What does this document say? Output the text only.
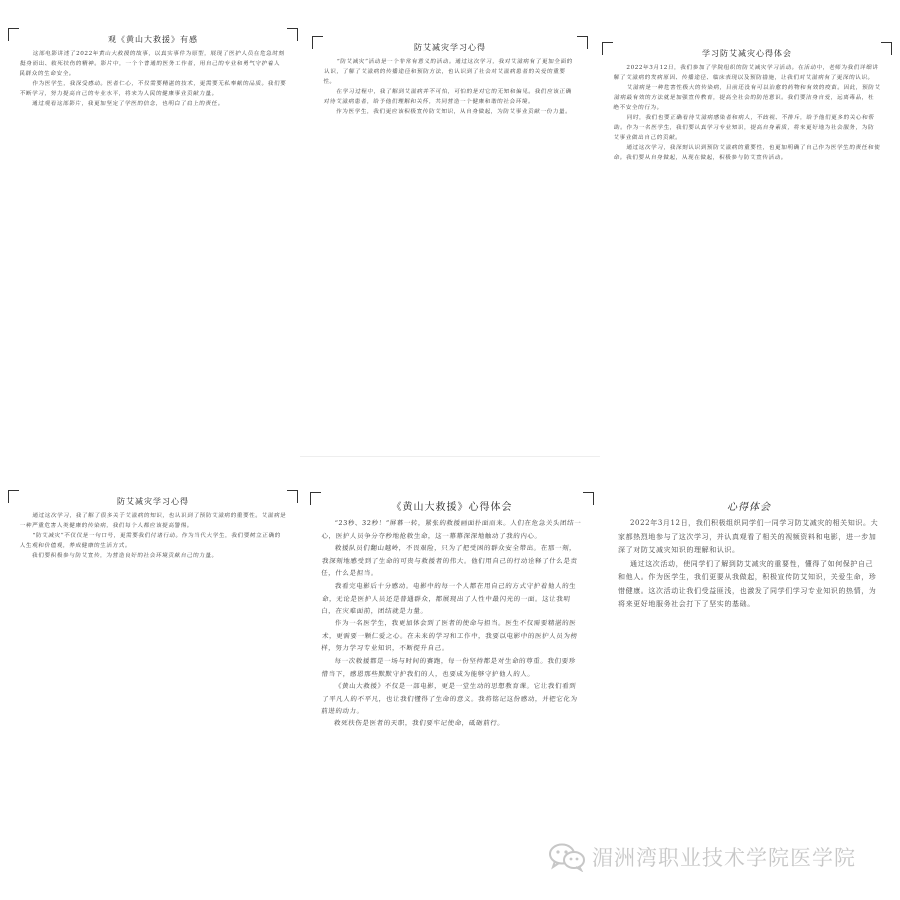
观《黄山大救援》有感

这部电影讲述了2022年黄山大救援的故事，以真实事件为原型，展现了医护人员在危急时刻挺身而出、救死扶伤的精神。影片中，一个个普通的医务工作者，用自己的专业和勇气守护着人民群众的生命安全。

作为医学生，我深受感动。医者仁心，不仅需要精湛的技术，更需要无私奉献的品质。我们要不断学习，努力提高自己的专业水平，将来为人民的健康事业贡献力量。

通过观看这部影片，我更加坚定了学医的信念，也明白了肩上的责任。

防艾减灾学习心得

“防艾减灾”活动是一个非常有意义的活动。通过这次学习，我对艾滋病有了更加全面的认识，了解了艾滋病的传播途径和预防方法，也认识到了社会对艾滋病患者的关爱的重要性。

在学习过程中，我了解到艾滋病并不可怕，可怕的是对它的无知和偏见。我们应该正确对待艾滋病患者，给予他们理解和关怀，共同营造一个健康和谐的社会环境。

作为医学生，我们更应该积极宣传防艾知识，从自身做起，为防艾事业贡献一份力量。

学习防艾减灾心得体会

2022年3月12日，我们参加了学院组织的防艾减灾学习活动。在活动中，老师为我们详细讲解了艾滋病的发病原因、传播途径、临床表现以及预防措施，让我们对艾滋病有了更深的认识。

艾滋病是一种危害性极大的传染病，目前还没有可以治愈的药物和有效的疫苗。因此，预防艾滋病最有效的方法就是加强宣传教育，提高全社会的防范意识。我们要洁身自爱，远离毒品，杜绝不安全的行为。

同时，我们也要正确看待艾滋病感染者和病人，不歧视、不排斥，给予他们更多的关心和帮助。作为一名医学生，我们要认真学习专业知识，提高自身素质，将来更好地为社会服务，为防艾事业做出自己的贡献。

通过这次学习，我深刻认识到预防艾滋病的重要性，也更加明确了自己作为医学生的责任和使命。我们要从自身做起，从现在做起，积极参与防艾宣传活动。

防艾减灾学习心得

通过这次学习，我了解了很多关于艾滋病的知识，也认识到了预防艾滋病的重要性。艾滋病是一种严重危害人类健康的传染病，我们每个人都应该提高警惕。

“防艾减灾”不仅仅是一句口号，更需要我们付诸行动。作为当代大学生，我们要树立正确的人生观和价值观，养成健康的生活方式。

我们要积极参与防艾宣传，为营造良好的社会环境贡献自己的力量。

《黄山大救援》心得体会

“23秒、32秒！”屏幕一转，紧张的救援画面扑面而来。人们在危急关头团结一心，医护人员争分夺秒地抢救生命，这一幕幕深深地触动了我的内心。

救援队员们翻山越岭，不畏艰险，只为了把受困的群众安全带出。在那一刻，我深刻地感受到了生命的可贵与救援者的伟大。他们用自己的行动诠释了什么是责任，什么是担当。

我看完电影后十分感动。电影中的每一个人都在用自己的方式守护着他人的生命，无论是医护人员还是普通群众，都展现出了人性中最闪光的一面。这让我明白，在灾难面前，团结就是力量。

作为一名医学生，我更加体会到了医者的使命与担当。医生不仅需要精湛的医术，更需要一颗仁爱之心。在未来的学习和工作中，我要以电影中的医护人员为榜样，努力学习专业知识，不断提升自己。

每一次救援都是一场与时间的赛跑，每一份坚持都是对生命的尊重。我们要珍惜当下，感恩那些默默守护我们的人，也要成为能够守护他人的人。

《黄山大救援》不仅是一部电影，更是一堂生动的思想教育课。它让我们看到了平凡人的不平凡，也让我们懂得了生命的意义。我将铭记这份感动，并把它化为前进的动力。

救死扶伤是医者的天职，我们要牢记使命，砥砺前行。

心得体会

2022年3月12日，我们积极组织同学们一同学习防艾减灾的相关知识。大家都热烈地参与了这次学习，并认真观看了相关的视频资料和电影，进一步加深了对防艾减灾知识的理解和认识。

通过这次活动，使同学们了解到防艾减灾的重要性，懂得了如何保护自己和他人。作为医学生，我们更要从我做起，积极宣传防艾知识，关爱生命，珍惜健康。这次活动让我们受益匪浅，也激发了同学们学习专业知识的热情，为将来更好地服务社会打下了坚实的基础。

湄洲湾职业技术学院医学院
